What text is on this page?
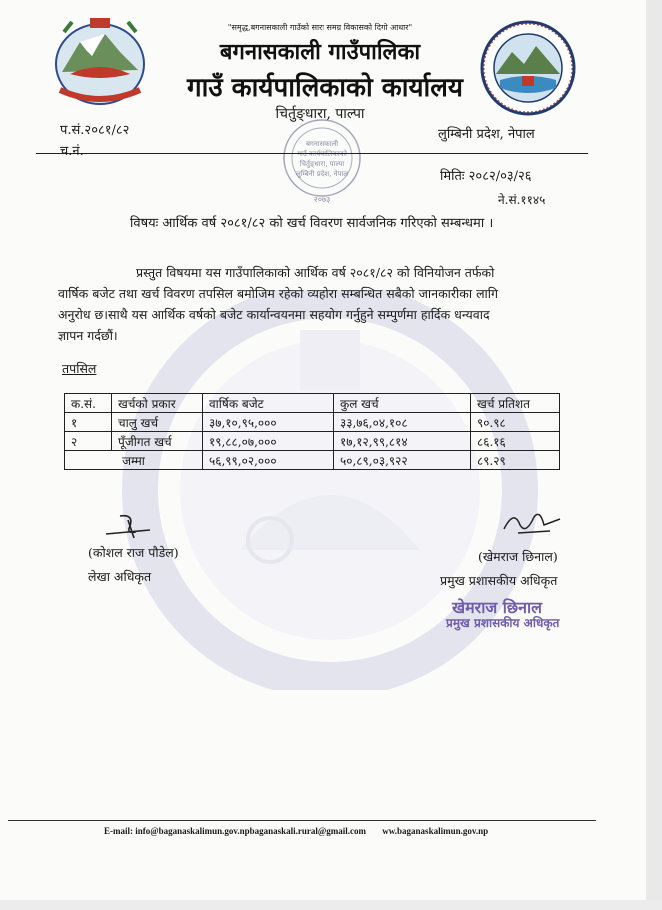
"समृद्ध,बगनासकाली गाउँको सारः समग्र विकासको दिगो आधार"
बगनासकाली गाउँपालिका
गाउँ कार्यपालिकाको कार्यालय
चिर्तुङ्धारा, पाल्पा
बगनासकाली
गाउँ कार्यपालिकाको
चिर्तुङ्धारा, पाल्पा
लुम्बिनी प्रदेश, नेपाल
२०७३
प.सं.२०८१/८२
च.नं.
लुम्बिनी प्रदेश, नेपाल
मितिः २०८२/०३/२६
ने.सं.११४५
विषयः आर्थिक वर्ष २०८१/८२ को खर्च विवरण सार्वजनिक गरिएको सम्बन्धमा ।
प्रस्तुत विषयमा यस गाउँपालिकाको आर्थिक वर्ष २०८१/८२ को विनियोजन तर्फको
वार्षिक बजेट तथा खर्च विवरण तपसिल बमोजिम रहेको व्यहोरा सम्बन्धित सबैको जानकारीका लागि
अनुरोध छ।साथै यस आर्थिक वर्षको बजेट कार्यान्वयनमा सहयोग गर्नुहुने सम्पुर्णमा हार्दिक धन्यवाद
ज्ञापन गर्दछौं।
तपसिल
क.सं.	खर्चको प्रकार	वार्षिक बजेट	कुल खर्च	खर्च प्रतिशत
१	चालु खर्च	३७,१०,९५,०००	३३,७६,०४,१०८	९०.९८
२	पूँजीगत खर्च	१९,८८,०७,०००	१७,१२,९९,८१४	८६.१६
जम्मा		५६,९९,०२,०००	५०,८९,०३,९२२	८९.२९
(कोशल राज पौडेल)
लेखा अधिकृत
(खेमराज छिनाल)
प्रमुख प्रशासकीय अधिकृत
खेमराज छिनाल
प्रमुख प्रशासकीय अधिकृत
E-mail: info@baganaskalimun.gov.npbaganaskali.rural@gmail.com ww.baganaskalimun.gov.np
